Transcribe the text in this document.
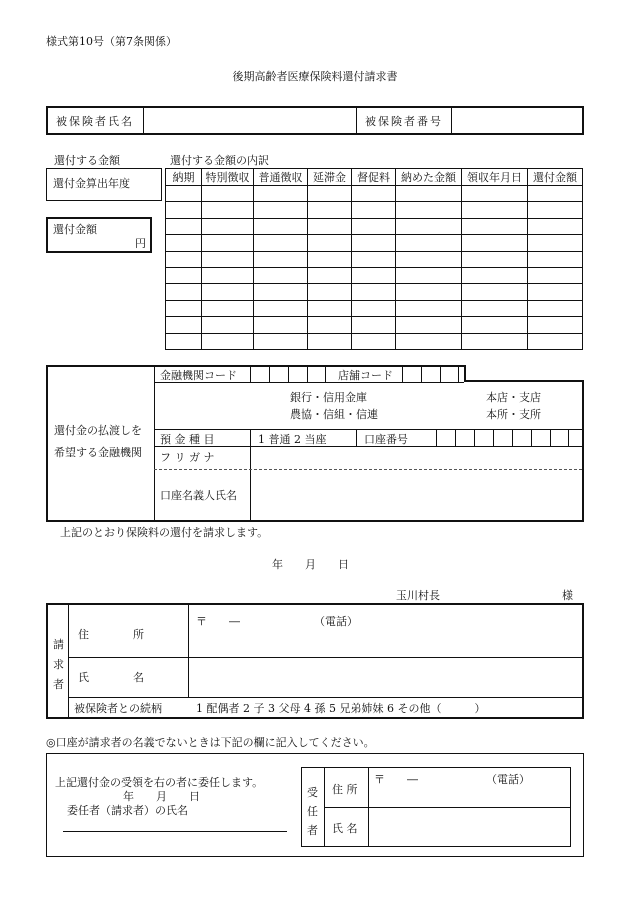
様式第10号（第7条関係）
後期高齢者医療保険料還付請求書
被保険者氏名	被保険者番号
還付する金額
還付金算出年度
還付金額
円
還付する金額の内訳
納期	特別徴収	普通徴収	延滞金	督促料	納めた金額	領収年月日	還付金額

還付金の払渡しを
希望する金融機関
金融機関コード	店舗コード
銀行・信用金庫
農協・信組・信連
本店・支店
本所・支所
預 金 種 目	1 普通 2 当座	口座番号
フ リ ガ ナ
口座名義人氏名
上記のとおり保険料の還付を請求します。
年　　月　　日
玉川村長	様
請求者
住　　　　所
〒　　―	（電話）
氏　　　　名
被保険者との続柄	1 配偶者 2 子 3 父母 4 孫 5 兄弟姉妹 6 その他（　　　）
◎口座が請求者の名義でないときは下記の欄に記入してください。
上記還付金の受領を右の者に委任します。
年　　月　　日
委任者（請求者）の氏名
受任者
住 所
〒　　―	（電話）
氏 名
